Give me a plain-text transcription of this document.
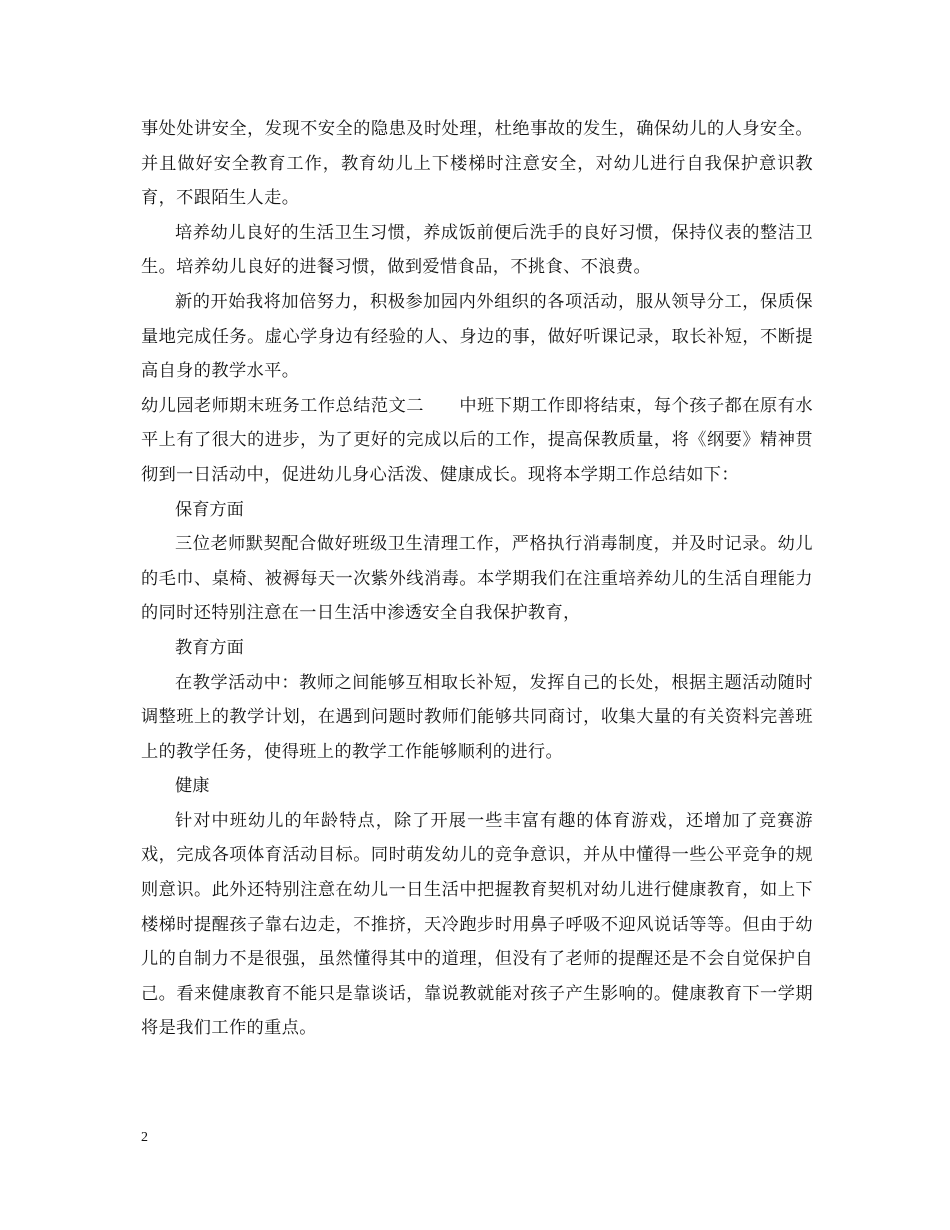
事处处讲安全，发现不安全的隐患及时处理，杜绝事故的发生，确保幼儿的人身安全。并且做好安全教育工作，教育幼儿上下楼梯时注意安全，对幼儿进行自我保护意识教育，不跟陌生人走。

培养幼儿良好的生活卫生习惯，养成饭前便后洗手的良好习惯，保持仪表的整洁卫生。培养幼儿良好的进餐习惯，做到爱惜食品，不挑食、不浪费。

新的开始我将加倍努力，积极参加园内外组织的各项活动，服从领导分工，保质保量地完成任务。虚心学身边有经验的人、身边的事，做好听课记录，取长补短，不断提高自身的教学水平。

幼儿园老师期末班务工作总结范文二　　中班下期工作即将结束，每个孩子都在原有水平上有了很大的进步，为了更好的完成以后的工作，提高保教质量，将《纲要》精神贯彻到一日活动中，促进幼儿身心活泼、健康成长。现将本学期工作总结如下：

保育方面

三位老师默契配合做好班级卫生清理工作，严格执行消毒制度，并及时记录。幼儿的毛巾、桌椅、被褥每天一次紫外线消毒。本学期我们在注重培养幼儿的生活自理能力的同时还特别注意在一日生活中渗透安全自我保护教育，

教育方面

在教学活动中：教师之间能够互相取长补短，发挥自己的长处，根据主题活动随时调整班上的教学计划，在遇到问题时教师们能够共同商讨，收集大量的有关资料完善班上的教学任务，使得班上的教学工作能够顺利的进行。

健康

针对中班幼儿的年龄特点，除了开展一些丰富有趣的体育游戏，还增加了竞赛游戏，完成各项体育活动目标。同时萌发幼儿的竞争意识，并从中懂得一些公平竞争的规则意识。此外还特别注意在幼儿一日生活中把握教育契机对幼儿进行健康教育，如上下楼梯时提醒孩子靠右边走，不推挤，天冷跑步时用鼻子呼吸不迎风说话等等。但由于幼儿的自制力不是很强，虽然懂得其中的道理，但没有了老师的提醒还是不会自觉保护自己。看来健康教育不能只是靠谈话，靠说教就能对孩子产生影响的。健康教育下一学期将是我们工作的重点。

2
